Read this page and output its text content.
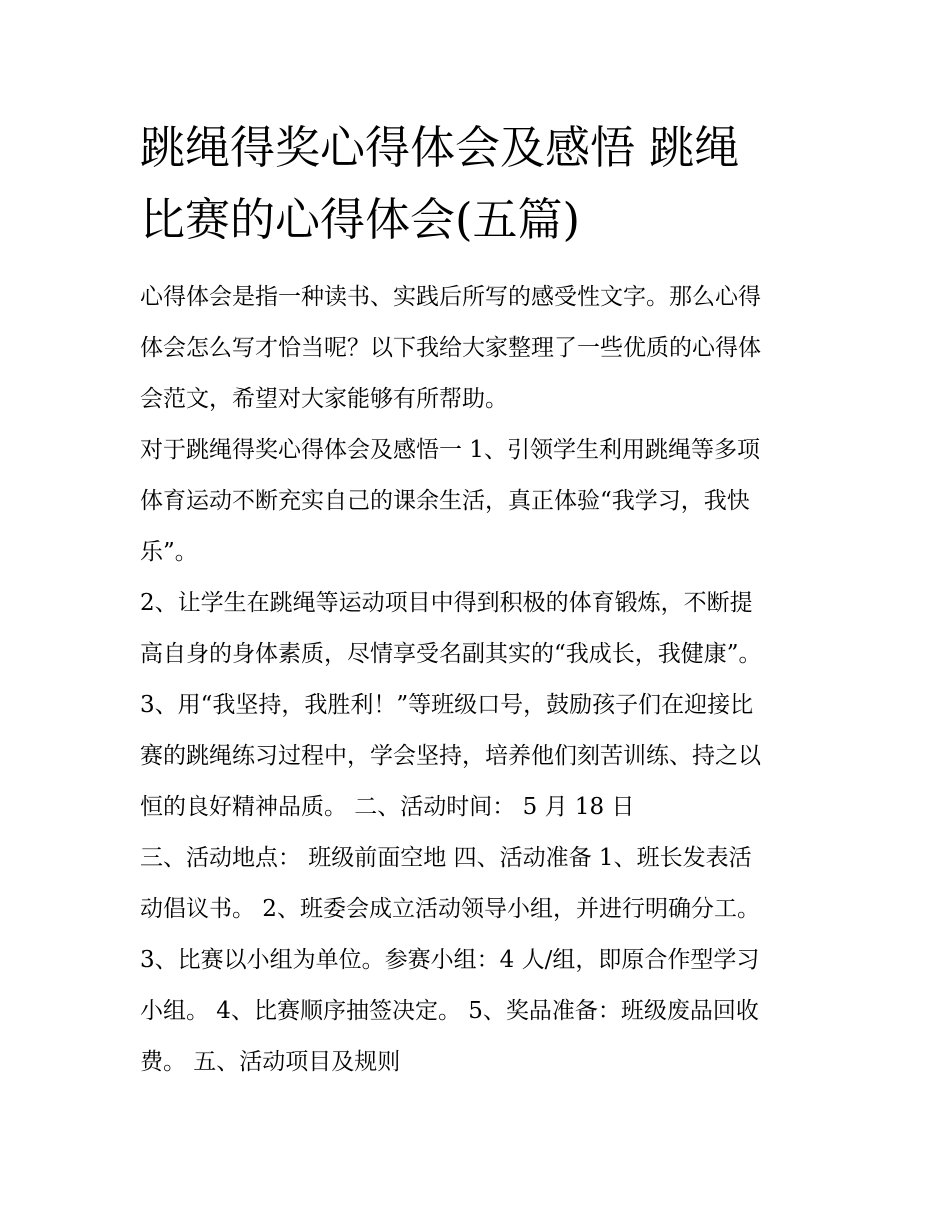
跳绳得奖心得体会及感悟 跳绳
比赛的心得体会(五篇)

心得体会是指一种读书、实践后所写的感受性文字。那么心得
体会怎么写才恰当呢？以下我给大家整理了一些优质的心得体
会范文，希望对大家能够有所帮助。

对于跳绳得奖心得体会及感悟一 1、引领学生利用跳绳等多项
体育运动不断充实自己的课余生活，真正体验“我学习，我快
乐”。

2、让学生在跳绳等运动项目中得到积极的体育锻炼，不断提
高自身的身体素质，尽情享受名副其实的“我成长，我健康”。

3、用“我坚持，我胜利！”等班级口号，鼓励孩子们在迎接比
赛的跳绳练习过程中，学会坚持，培养他们刻苦训练、持之以
恒的良好精神品质。 二、活动时间： 5 月 18 日

三、活动地点： 班级前面空地 四、活动准备 1、班长发表活
动倡议书。 2、班委会成立活动领导小组，并进行明确分工。

3、比赛以小组为单位。参赛小组：4 人/组，即原合作型学习
小组。 4、比赛顺序抽签决定。 5、奖品准备：班级废品回收
费。 五、活动项目及规则
